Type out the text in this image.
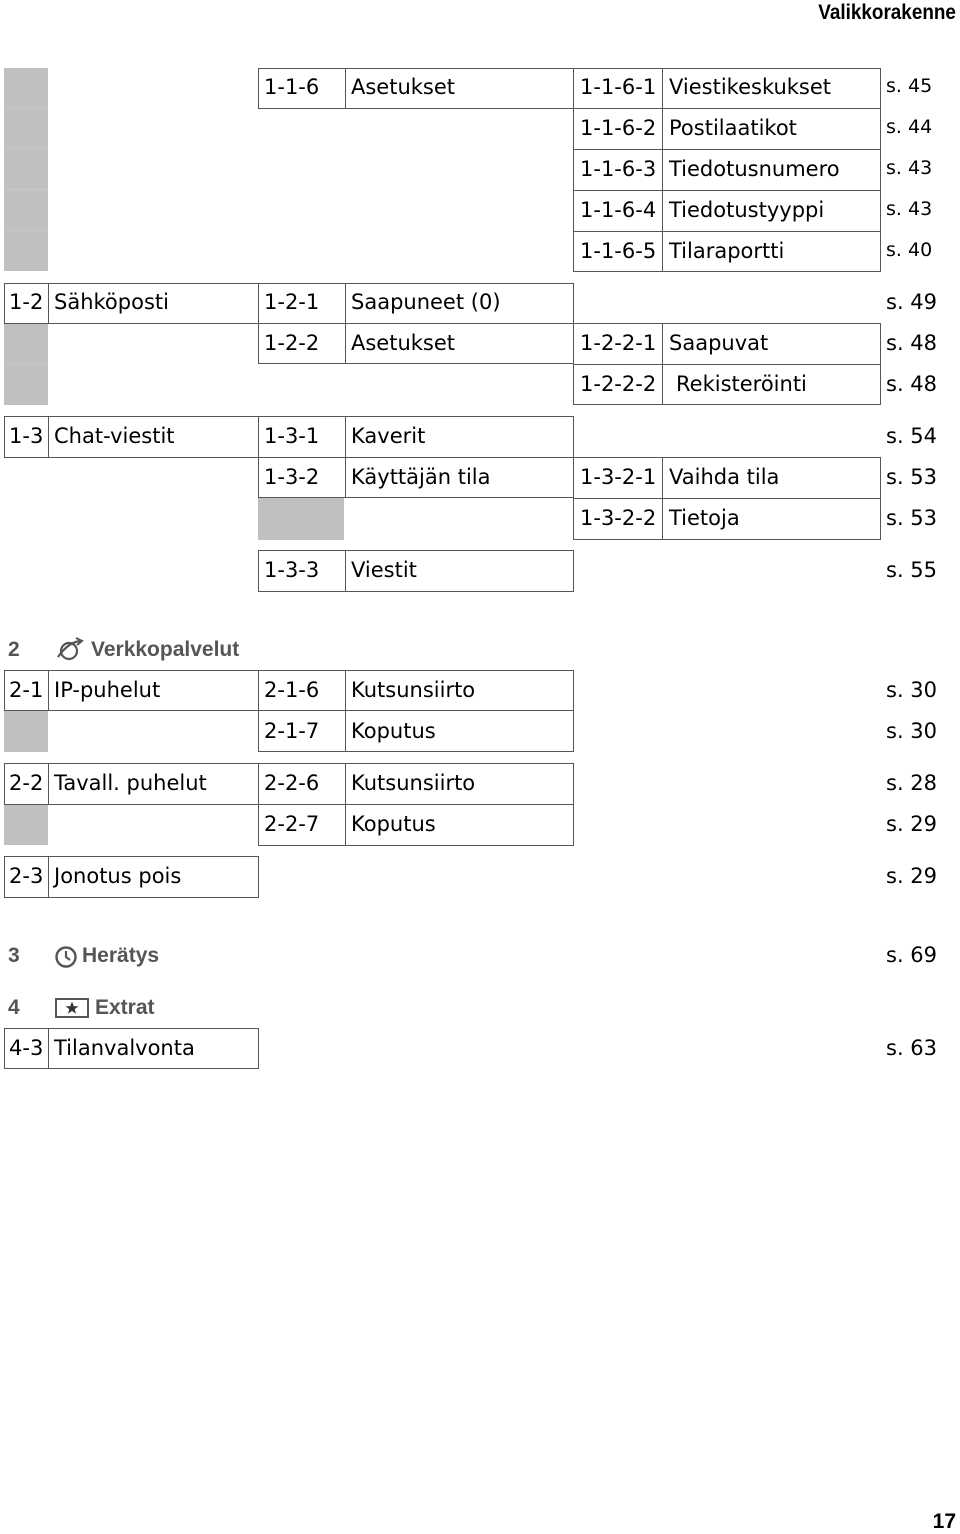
Valikkorakenne
1-1-6 Asetukset	1-1-6-1 Viestikeskukset	s. 45
1-1-6-2 Postilaatikot	s. 44
1-1-6-3 Tiedotusnumero s. 43
1-1-6-4 Tiedotustyyppi	s. 43
1-1-6-5 Tilaraportti	s. 40
1-2 Sähköposti	1-2-1 Saapuneet (0)	s. 49
1-2-2 Asetukset	1-2-2-1 Saapuvat	s. 48
1-2-2-2 Rekisteröinti	s. 48
1-3 Chat-viestit	1-3-1 Kaverit	s. 54
1-3-2 Käyttäjän tila	1-3-2-1 Vaihda tila	s. 53
1-3-2-2 Tietoja	s. 53
1-3-3 Viestit	s. 55
2	Verkkopalvelut
2-1 IP-puhelut	2-1-6 Kutsunsiirto	s. 30
2-1-7 Koputus	s. 30
2-2 Tavall. puhelut	2-2-6 Kutsunsiirto	s. 28
2-2-7 Koputus	s. 29
2-3 Jonotus pois	s. 29
3	Herätys	s. 69
4	Extrat
4-3 Tilanvalvonta	s. 63
17
